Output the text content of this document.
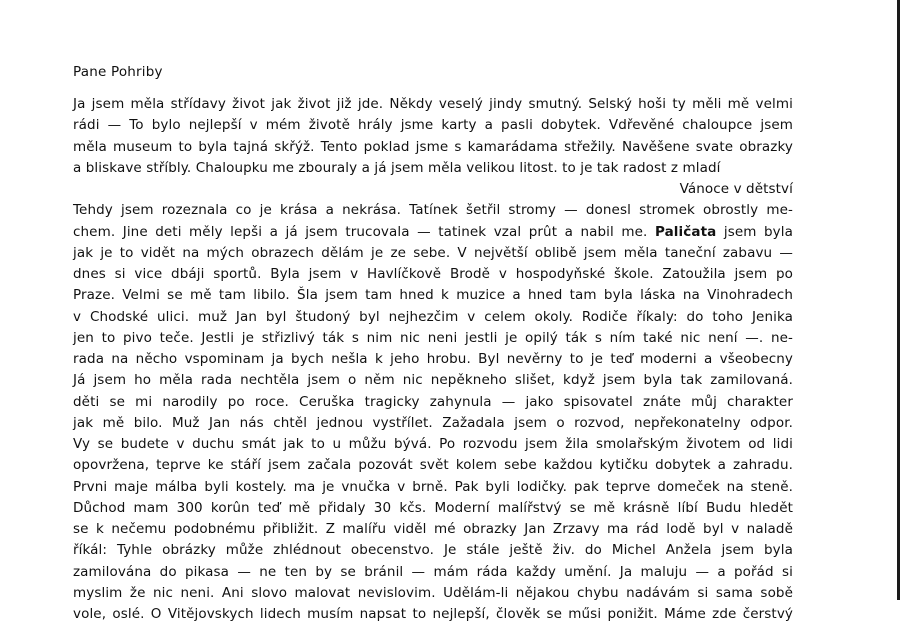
Pane Pohriby
Ja jsem měla střídavy život jak život již jde. Někdy veselý jindy smutný. Selský hoši ty měli mě velmi
rádi — To bylo nejlepší v mém životě hrály jsme karty a pasli dobytek. Vdřevěné chaloupce jsem
měla museum to byla tajná skřýž. Tento poklad jsme s kamarádama střežily. Navěšene svate obrazky
a bliskave stříbly. Chaloupku me zbouraly a já jsem měla velikou litost. to je tak radost z mladí
Vánoce v dětství
Tehdy jsem rozeznala co je krása a nekrása. Tatínek šetřil stromy — donesl stromek obrostly me-
chem. Jine deti měly lepši a já jsem trucovala — tatinek vzal prût a nabil me. Paličata jsem byla
jak je to vidět na mých obrazech dělám je ze sebe. V největší oblibě jsem měla taneční zabavu —
dnes si vice dbáji sportů. Byla jsem v Havlíčkově Brodě v hospodyňské škole. Zatoužila jsem po
Praze. Velmi se mě tam libilo. Šla jsem tam hned k muzice a hned tam byla láska na Vinohradech
v Chodské ulici. muž Jan byl študoný byl nejhezčim v celem okoly. Rodiče říkaly: do toho Jenika
jen to pivo teče. Jestli je střizlivý ták s nim nic neni jestli je opilý ták s ním také nic není —. ne-
rada na něcho vspominam ja bych nešla k jeho hrobu. Byl nevěrny to je teď moderni a všeobecny
Já jsem ho měla rada nechtěla jsem o něm nic nepěkneho slišet, když jsem byla tak zamilovaná.
děti se mi narodily po roce. Ceruška tragicky zahynula — jako spisovatel znáte můj charakter
jak mě bilo. Muž Jan nás chtěl jednou vystřílet. Zažadala jsem o rozvod, nepřekonatelny odpor.
Vy se budete v duchu smát jak to u můžu bývá. Po rozvodu jsem žila smolařským životem od lidi
opovržena, teprve ke stáří jsem začala pozovát svět kolem sebe každou kytičku dobytek a zahradu.
Prvni maje málba byli kostely. ma je vnučka v brně. Pak byli lodičky. pak teprve domeček na steně.
Důchod mam 300 korûn teď mě přidaly 30 kčs. Moderní malířstvý se mě krásně líbí Budu hledět
se k nečemu podobnému přibližit. Z malířu viděl mé obrazky Jan Zrzavy ma rád lodě byl v naladě
říkál: Tyhle obrázky může zhlédnout obecenstvo. Je stále ještě živ. do Michel Anžela jsem byla
zamilována do pikasa — ne ten by se bránil — mám ráda každy umění. Ja maluju — a pořád si
myslim že nic neni. Ani slovo malovat nevislovim. Udělám-li nějakou chybu nadávám si sama sobě
vole, oslé. O Vitějovskych lidech musím napsat to nejlepší, člověk se műsi ponižit. Máme zde čerstvý
